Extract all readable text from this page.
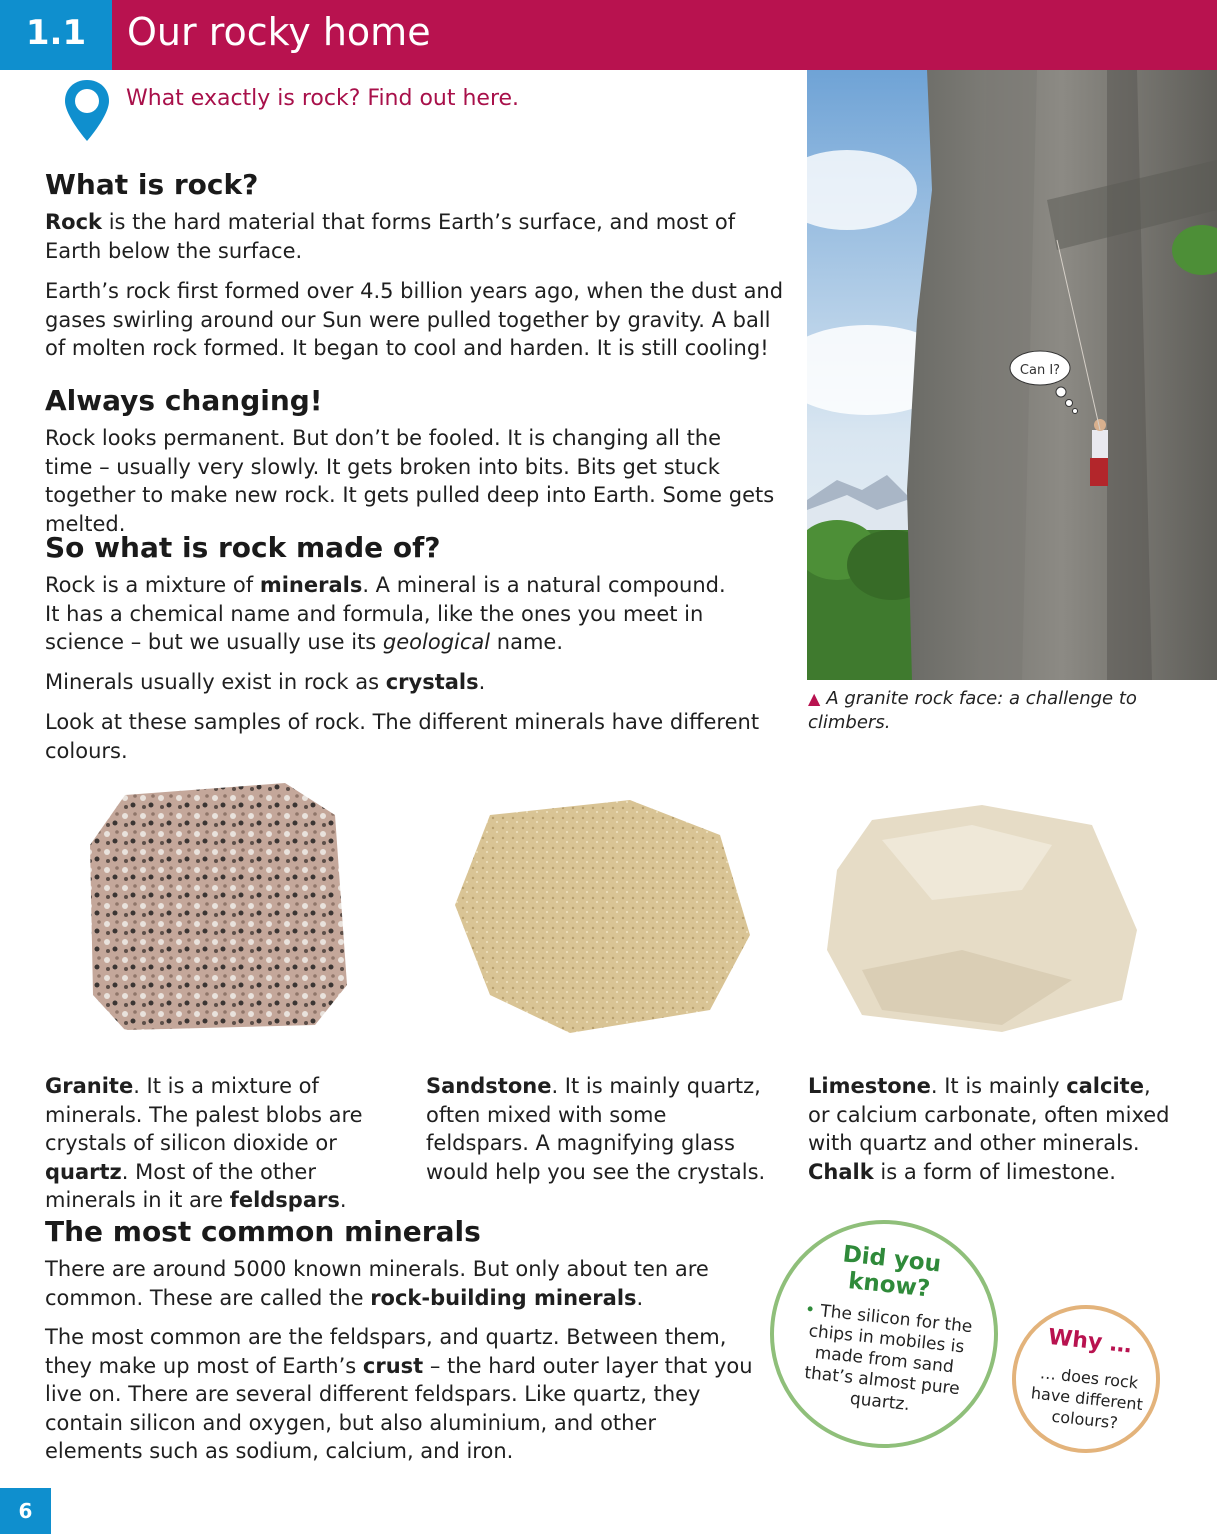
1.1	Our rocky home
What exactly is rock? Find out here.
What is rock?
Rock is the hard material that forms Earth’s surface, and most of Earth below the surface.
Earth’s rock first formed over 4.5 billion years ago, when the dust and gases swirling around our Sun were pulled together by gravity. A ball of molten rock formed. It began to cool and harden. It is still cooling!
Always changing!
Rock looks permanent. But don’t be fooled. It is changing all the time – usually very slowly. It gets broken into bits. Bits get stuck together to make new rock. It gets pulled deep into Earth. Some gets melted.
So what is rock made of?
Rock is a mixture of minerals. A mineral is a natural compound. It has a chemical name and formula, like the ones you meet in science – but we usually use its geological name.
Minerals usually exist in rock as crystals.
Look at these samples of rock. The different minerals have different colours.
Can I?
▲ A granite rock face: a challenge to climbers.
Granite. It is a mixture of minerals. The palest blobs are crystals of silicon dioxide or quartz. Most of the other minerals in it are feldspars.
Sandstone. It is mainly quartz, often mixed with some feldspars. A magnifying glass would help you see the crystals.
Limestone. It is mainly calcite, or calcium carbonate, often mixed with quartz and other minerals. Chalk is a form of limestone.
The most common minerals
There are around 5000 known minerals. But only about ten are common. These are called the rock-building minerals.
The most common are the feldspars, and quartz. Between them, they make up most of Earth’s crust – the hard outer layer that you live on. There are several different feldspars. Like quartz, they contain silicon and oxygen, but also aluminium, and other elements such as sodium, calcium, and iron.
Did you
know?
• The silicon for the chips in mobiles is made from sand that’s almost pure quartz.
Why …
… does rock have different colours?
6
